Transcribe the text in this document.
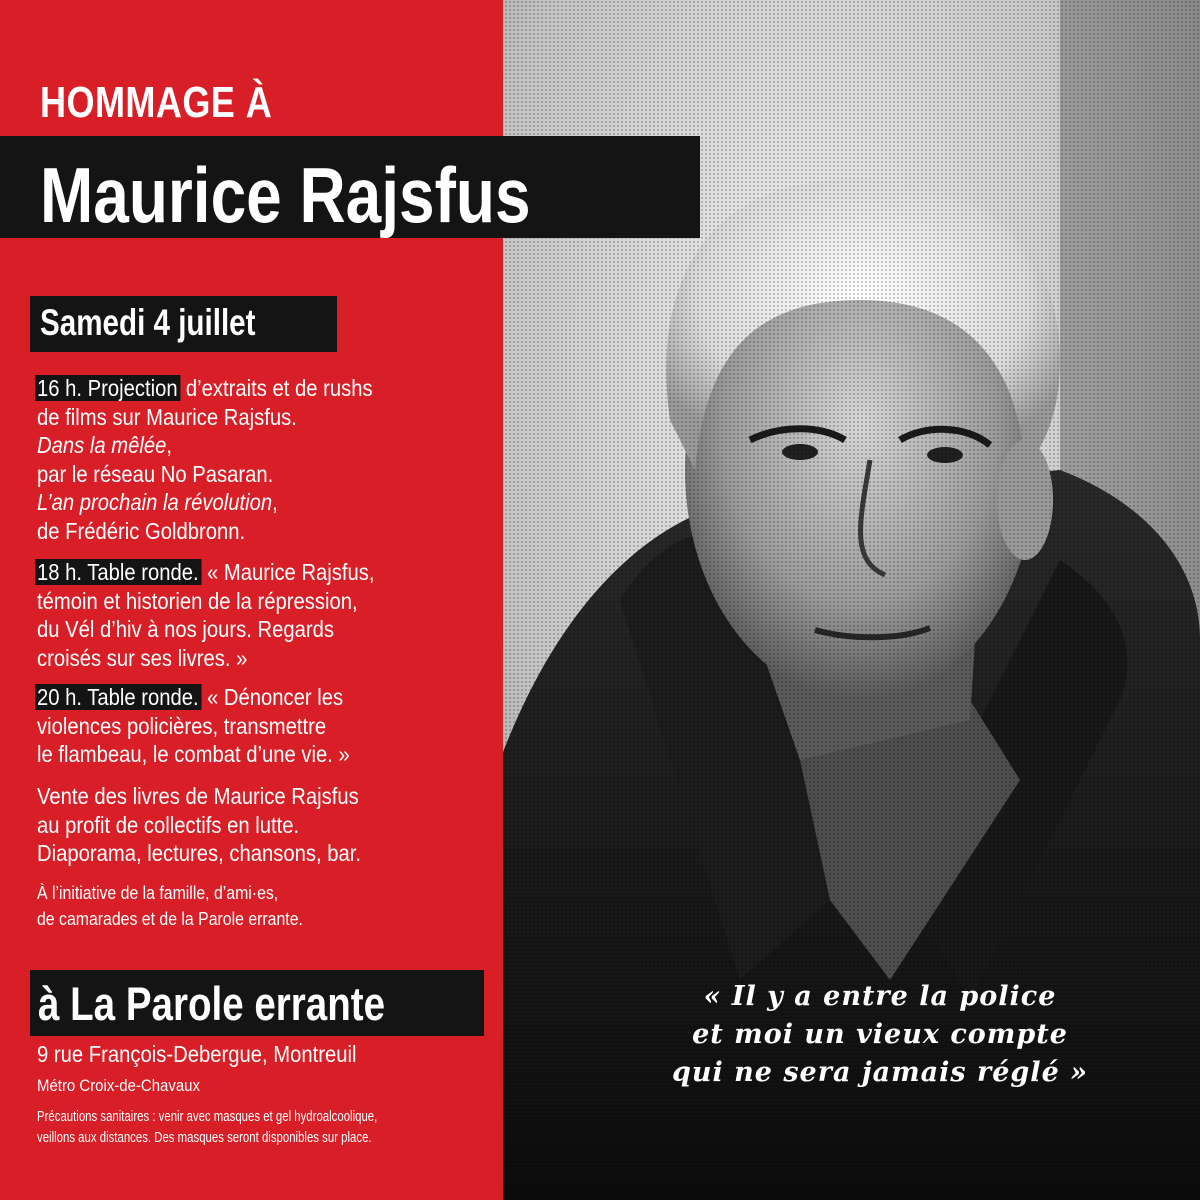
HOMMAGE À
Maurice Rajsfus
Samedi 4 juillet
16 h. Projection d’extraits et de rushs
de films sur Maurice Rajsfus.
Dans la mêlée,
par le réseau No Pasaran.
L’an prochain la révolution,
de Frédéric Goldbronn.
18 h. Table ronde. « Maurice Rajsfus,
témoin et historien de la répression,
du Vél d’hiv à nos jours. Regards
croisés sur ses livres. »
20 h. Table ronde. « Dénoncer les
violences policières, transmettre
le flambeau, le combat d’une vie. »
Vente des livres de Maurice Rajsfus
au profit de collectifs en lutte.
Diaporama, lectures, chansons, bar.
À l’initiative de la famille, d’ami·es,
de camarades et de la Parole errante.
à La Parole errante
9 rue François-Debergue, Montreuil
Métro Croix-de-Chavaux
Précautions sanitaires : venir avec masques et gel hydroalcoolique,
veillons aux distances. Des masques seront disponibles sur place.
« Il y a entre la police
et moi un vieux compte
qui ne sera jamais réglé »
